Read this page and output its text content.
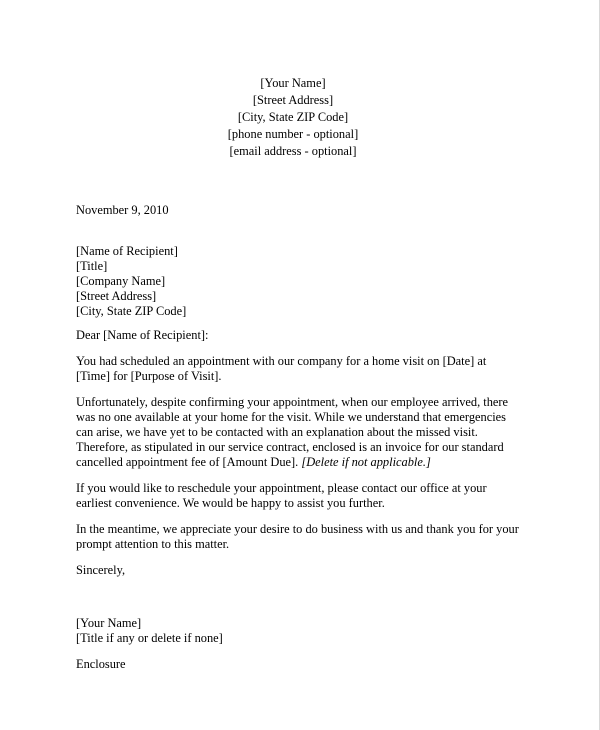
[Your Name]
[Street Address]
[City, State ZIP Code]
[phone number - optional]
[email address - optional]
November 9, 2010
[Name of Recipient]
[Title]
[Company Name]
[Street Address]
[City, State ZIP Code]
Dear [Name of Recipient]:
You had scheduled an appointment with our company for a home visit on [Date] at
[Time] for [Purpose of Visit].
Unfortunately, despite confirming your appointment, when our employee arrived, there
was no one available at your home for the visit. While we understand that emergencies
can arise, we have yet to be contacted with an explanation about the missed visit.
Therefore, as stipulated in our service contract, enclosed is an invoice for our standard
cancelled appointment fee of [Amount Due]. [Delete if not applicable.]
If you would like to reschedule your appointment, please contact our office at your
earliest convenience. We would be happy to assist you further.
In the meantime, we appreciate your desire to do business with us and thank you for your
prompt attention to this matter.
Sincerely,
[Your Name]
[Title if any or delete if none]
Enclosure
